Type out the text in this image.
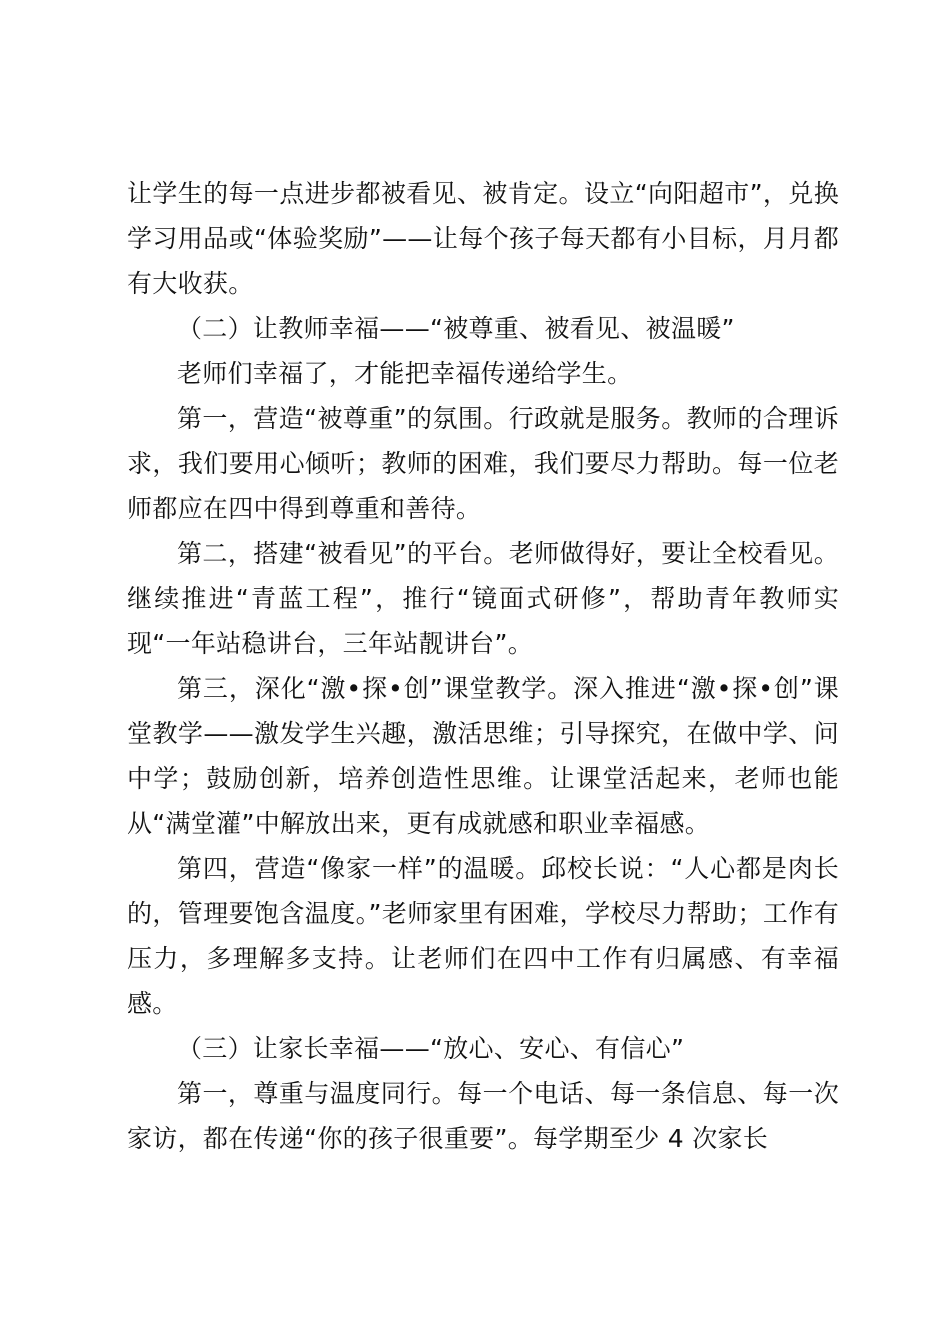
让学生的每一点进步都被看见、被肯定。设立“向阳超市”，兑换学习用品或“体验奖励”——让每个孩子每天都有小目标，月月都有大收获。

（二）让教师幸福——“被尊重、被看见、被温暖”

老师们幸福了，才能把幸福传递给学生。

第一，营造“被尊重”的氛围。行政就是服务。教师的合理诉求，我们要用心倾听；教师的困难，我们要尽力帮助。每一位老师都应在四中得到尊重和善待。

第二，搭建“被看见”的平台。老师做得好，要让全校看见。继续推进“青蓝工程”，推行“镜面式研修”，帮助青年教师实现“一年站稳讲台，三年站靓讲台”。

第三，深化“激•探•创”课堂教学。深入推进“激•探•创”课堂教学——激发学生兴趣，激活思维；引导探究，在做中学、问中学；鼓励创新，培养创造性思维。让课堂活起来，老师也能从“满堂灌”中解放出来，更有成就感和职业幸福感。

第四，营造“像家一样”的温暖。邱校长说：“人心都是肉长的，管理要饱含温度。”老师家里有困难，学校尽力帮助；工作有压力，多理解多支持。让老师们在四中工作有归属感、有幸福感。

（三）让家长幸福——“放心、安心、有信心”

第一，尊重与温度同行。每一个电话、每一条信息、每一次家访，都在传递“你的孩子很重要”。每学期至少 4 次家长
